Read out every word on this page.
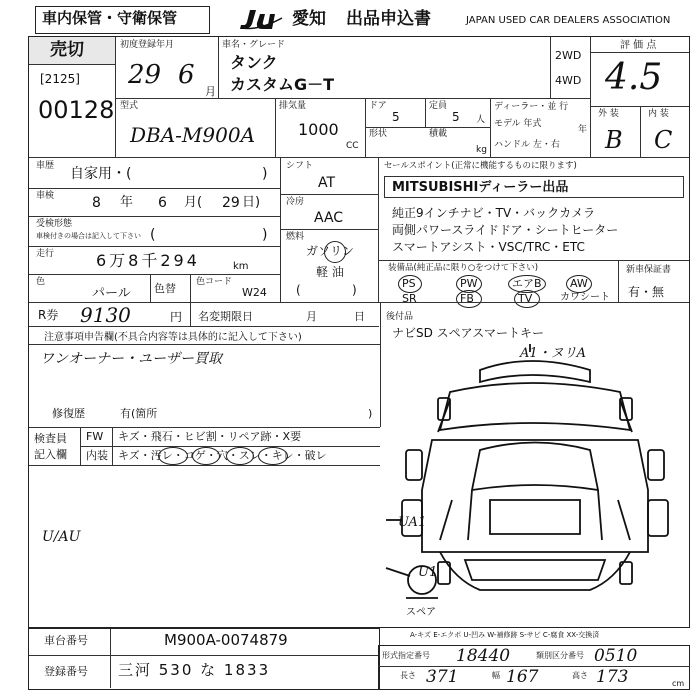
車内保管・守衛保管	愛知 出品申込書	JAPAN USED CAR DEALERS ASSOCIATION
売切
[2125]
00128
初度登録年月
29 6
月
車名・グレード
タンク
カスタムG－T
2WD
4WD
評 価 点
4.5
外 装	内 装
B C
型式
DBA-M900A
排気量
1000
CC
ドア
5
定員
5 人
形状	積載
kg
ディーラー・並 行
モデル 年式
年
ハンドル 左・右
車歴 自家用・(	)
車検	8 年 6 月( 29 日)
受検形態
車検付きの場合は記入して下さい (	)
走行	6万8千294	km
色
パール 色替 色コード
W24
シフト
AT
冷房
AAC
燃料
ガソリン
軽 油
(	)
セールスポイント(正常に機能するものに限ります)
MITSUBISHIディーラー出品
純正9インチナビ・TV・バックカメラ
両側パワースライドドア・シートヒーター
スマートアシスト・VSC/TRC・ETC
装備品(純正品に限り○をつけて下さい)
PS	PW	エアB	AW
SR	FB	TV	カワシート
新車保証書
有・無
R券 9130	円 名変期限日	月	日 後付品
ナビSD スペアスマートキー
注意事項申告欄(不具合内容等は具体的に記入して下さい)
ワンオーナー・ユーザー買取
修復歴	有(箇所	)
検査員
記入欄
FW キズ・飛石・ヒビ割・リペア跡・X要
内装 キズ・汚レ・コゲ・穴・スレ・キレ・破レ
U/AU
A1・ヌリA
UA1
U1
スペア
A-キズ E-エクボ U-凹み W-補修跡 S-サビ C-腐食 XX-交換済
車台番号	M900A-0074879
登録番号 三河 530 な 1833
形式指定番号 18440	類別区分番号 0510
長さ 371	幅 167	高さ 173	cm
